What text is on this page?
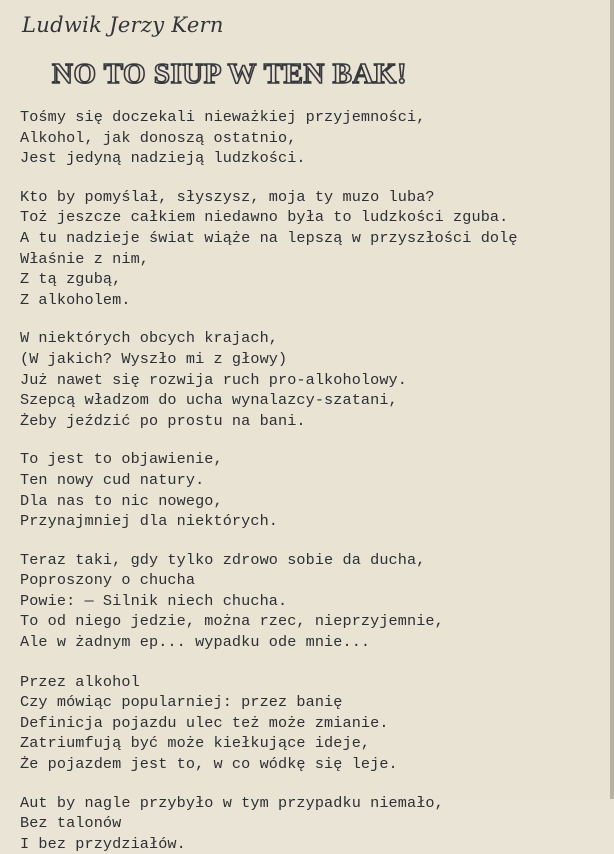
Ludwik Jerzy Kern
NO TO SIUP W TEN BAK!
Tośmy się doczekali nieważkiej przyjemności,
Alkohol, jak donoszą ostatnio,
Jest jedyną nadzieją ludzkości.
Kto by pomyślał, słyszysz, moja ty muzo luba?
Toż jeszcze całkiem niedawno była to ludzkości zguba.
A tu nadzieje świat wiąże na lepszą w przyszłości dolę
Właśnie z nim,
Z tą zgubą,
Z alkoholem.
W niektórych obcych krajach,
(W jakich? Wyszło mi z głowy)
Już nawet się rozwija ruch pro-alkoholowy.
Szepcą władzom do ucha wynalazcy-szatani,
Żeby jeździć po prostu na bani.
To jest to objawienie,
Ten nowy cud natury.
Dla nas to nic nowego,
Przynajmniej dla niektórych.
Teraz taki, gdy tylko zdrowo sobie da ducha,
Poproszony o chucha
Powie: — Silnik niech chucha.
To od niego jedzie, można rzec, nieprzyjemnie,
Ale w żadnym ep... wypadku ode mnie...
Przez alkohol
Czy mówiąc popularniej: przez banię
Definicja pojazdu ulec też może zmianie.
Zatriumfują być może kiełkujące ideje,
Że pojazdem jest to, w co wódkę się leje.
Aut by nagle przybyło w tym przypadku niemało,
Bez talonów
I bez przydziałów.
